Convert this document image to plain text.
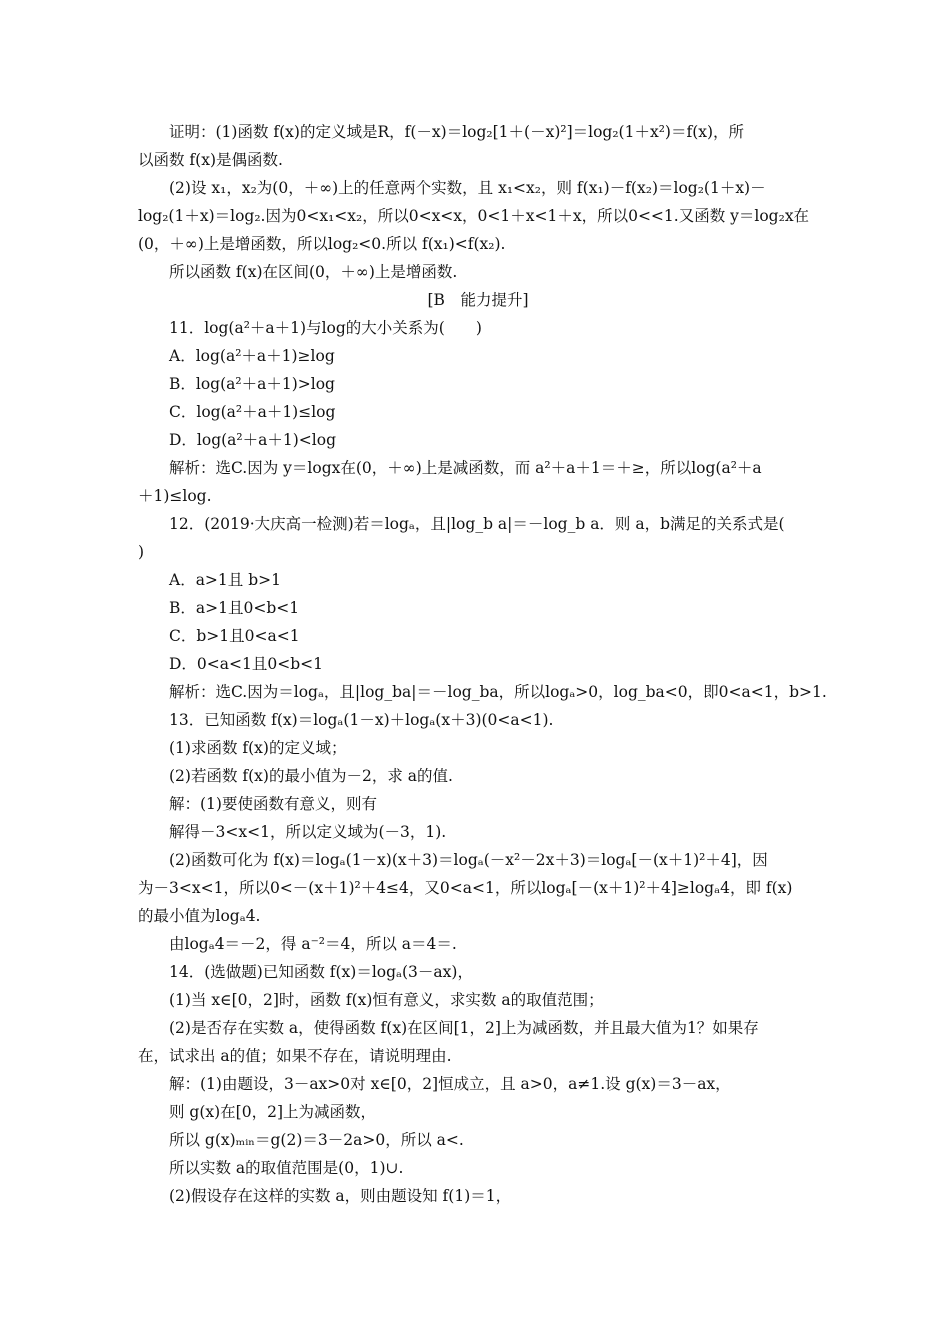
证明：(1)函数 f(x)的定义域是R，f(－x)＝log₂[1＋(－x)²]＝log₂(1＋x²)＝f(x)，所
以函数 f(x)是偶函数.
(2)设 x₁，x₂为(0，＋∞)上的任意两个实数，且 x₁<x₂，则 f(x₁)－f(x₂)＝log₂(1＋x)－
log₂(1＋x)＝log₂.因为0<x₁<x₂，所以0<x<x，0<1＋x<1＋x，所以0<<1.又函数 y＝log₂x在
(0，＋∞)上是增函数，所以log₂<0.所以 f(x₁)<f(x₂).
所以函数 f(x)在区间(0，＋∞)上是增函数.
[B　能力提升]
11．log(a²＋a＋1)与log的大小关系为(　　)
A．log(a²＋a＋1)≥log
B．log(a²＋a＋1)>log
C．log(a²＋a＋1)≤log
D．log(a²＋a＋1)<log
解析：选C.因为 y＝logx在(0，＋∞)上是减函数，而 a²＋a＋1＝＋≥，所以log(a²＋a
＋1)≤log.
12．(2019·大庆高一检测)若＝logₐ，且|log_b a|＝－log_b a．则 a，b满足的关系式是(
)
A．a>1且 b>1
B．a>1且0<b<1
C．b>1且0<a<1
D．0<a<1且0<b<1
解析：选C.因为＝logₐ，且|log_ba|＝－log_ba，所以logₐ>0，log_ba<0，即0<a<1，b>1.
13．已知函数 f(x)＝logₐ(1－x)＋logₐ(x＋3)(0<a<1).
(1)求函数 f(x)的定义域；
(2)若函数 f(x)的最小值为－2，求 a的值.
解：(1)要使函数有意义，则有
解得－3<x<1，所以定义域为(－3，1).
(2)函数可化为 f(x)＝logₐ(1－x)(x＋3)＝logₐ(－x²－2x＋3)＝logₐ[－(x＋1)²＋4]，因
为－3<x<1，所以0<－(x＋1)²＋4≤4，又0<a<1，所以logₐ[－(x＋1)²＋4]≥logₐ4，即 f(x)
的最小值为logₐ4.
由logₐ4＝－2，得 a⁻²＝4，所以 a＝4＝.
14．(选做题)已知函数 f(x)＝logₐ(3－ax)，
(1)当 x∈[0，2]时，函数 f(x)恒有意义，求实数 a的取值范围；
(2)是否存在实数 a，使得函数 f(x)在区间[1，2]上为减函数，并且最大值为1？如果存
在，试求出 a的值；如果不存在，请说明理由.
解：(1)由题设，3－ax>0对 x∈[0，2]恒成立，且 a>0，a≠1.设 g(x)＝3－ax，
则 g(x)在[0，2]上为减函数，
所以 g(x)ₘᵢₙ＝g(2)＝3－2a>0，所以 a<.
所以实数 a的取值范围是(0，1)∪.
(2)假设存在这样的实数 a，则由题设知 f(1)＝1，
